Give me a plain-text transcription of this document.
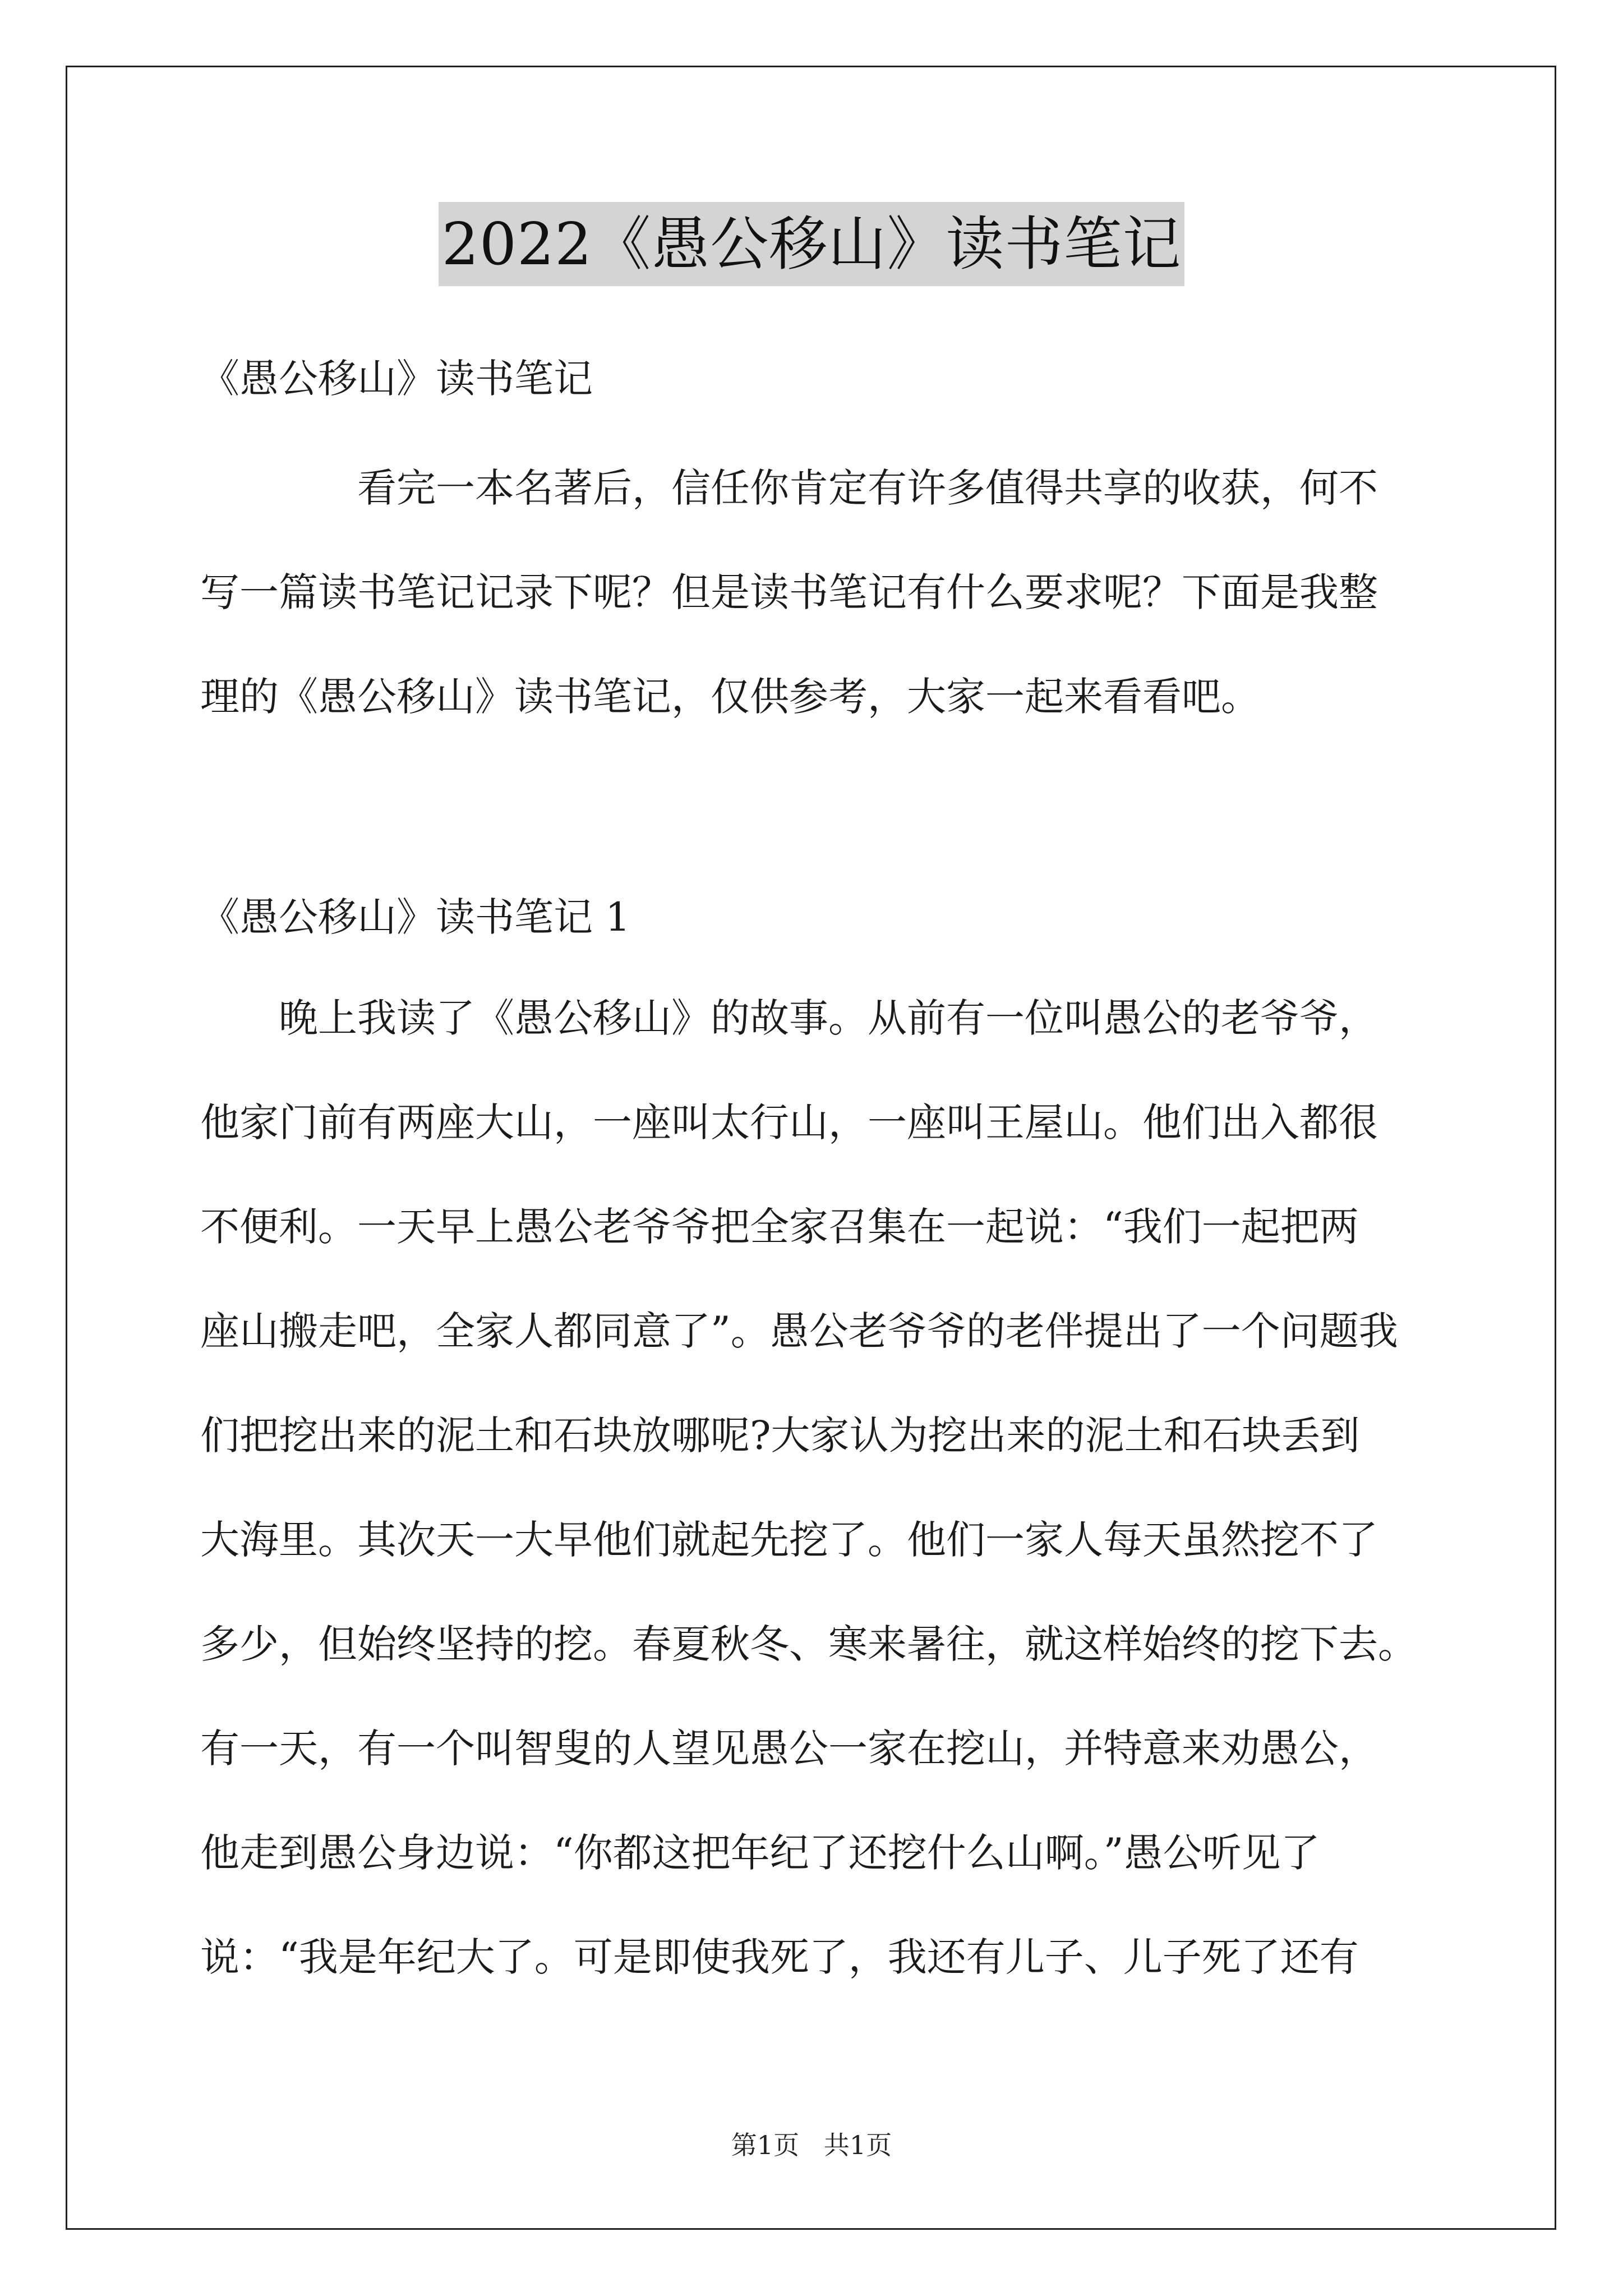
2022《愚公移山》读书笔记
《愚公移山》读书笔记
看完一本名著后，信任你肯定有许多值得共享的收获，何不
写一篇读书笔记记录下呢？但是读书笔记有什么要求呢？下面是我整
理的《愚公移山》读书笔记，仅供参考，大家一起来看看吧。
《愚公移山》读书笔记 1
晚上我读了《愚公移山》的故事。从前有一位叫愚公的老爷爷，
他家门前有两座大山，一座叫太行山，一座叫王屋山。他们出入都很
不便利。一天早上愚公老爷爷把全家召集在一起说：“我们一起把两
座山搬走吧，全家人都同意了”。愚公老爷爷的老伴提出了一个问题我
们把挖出来的泥土和石块放哪呢?大家认为挖出来的泥土和石块丢到
大海里。其次天一大早他们就起先挖了。他们一家人每天虽然挖不了
多少，但始终坚持的挖。春夏秋冬、寒来暑往，就这样始终的挖下去。
有一天，有一个叫智叟的人望见愚公一家在挖山，并特意来劝愚公，
他走到愚公身边说：“你都这把年纪了还挖什么山啊。”愚公听见了
说：“我是年纪大了。可是即使我死了，我还有儿子、儿子死了还有
第1页   共1页
